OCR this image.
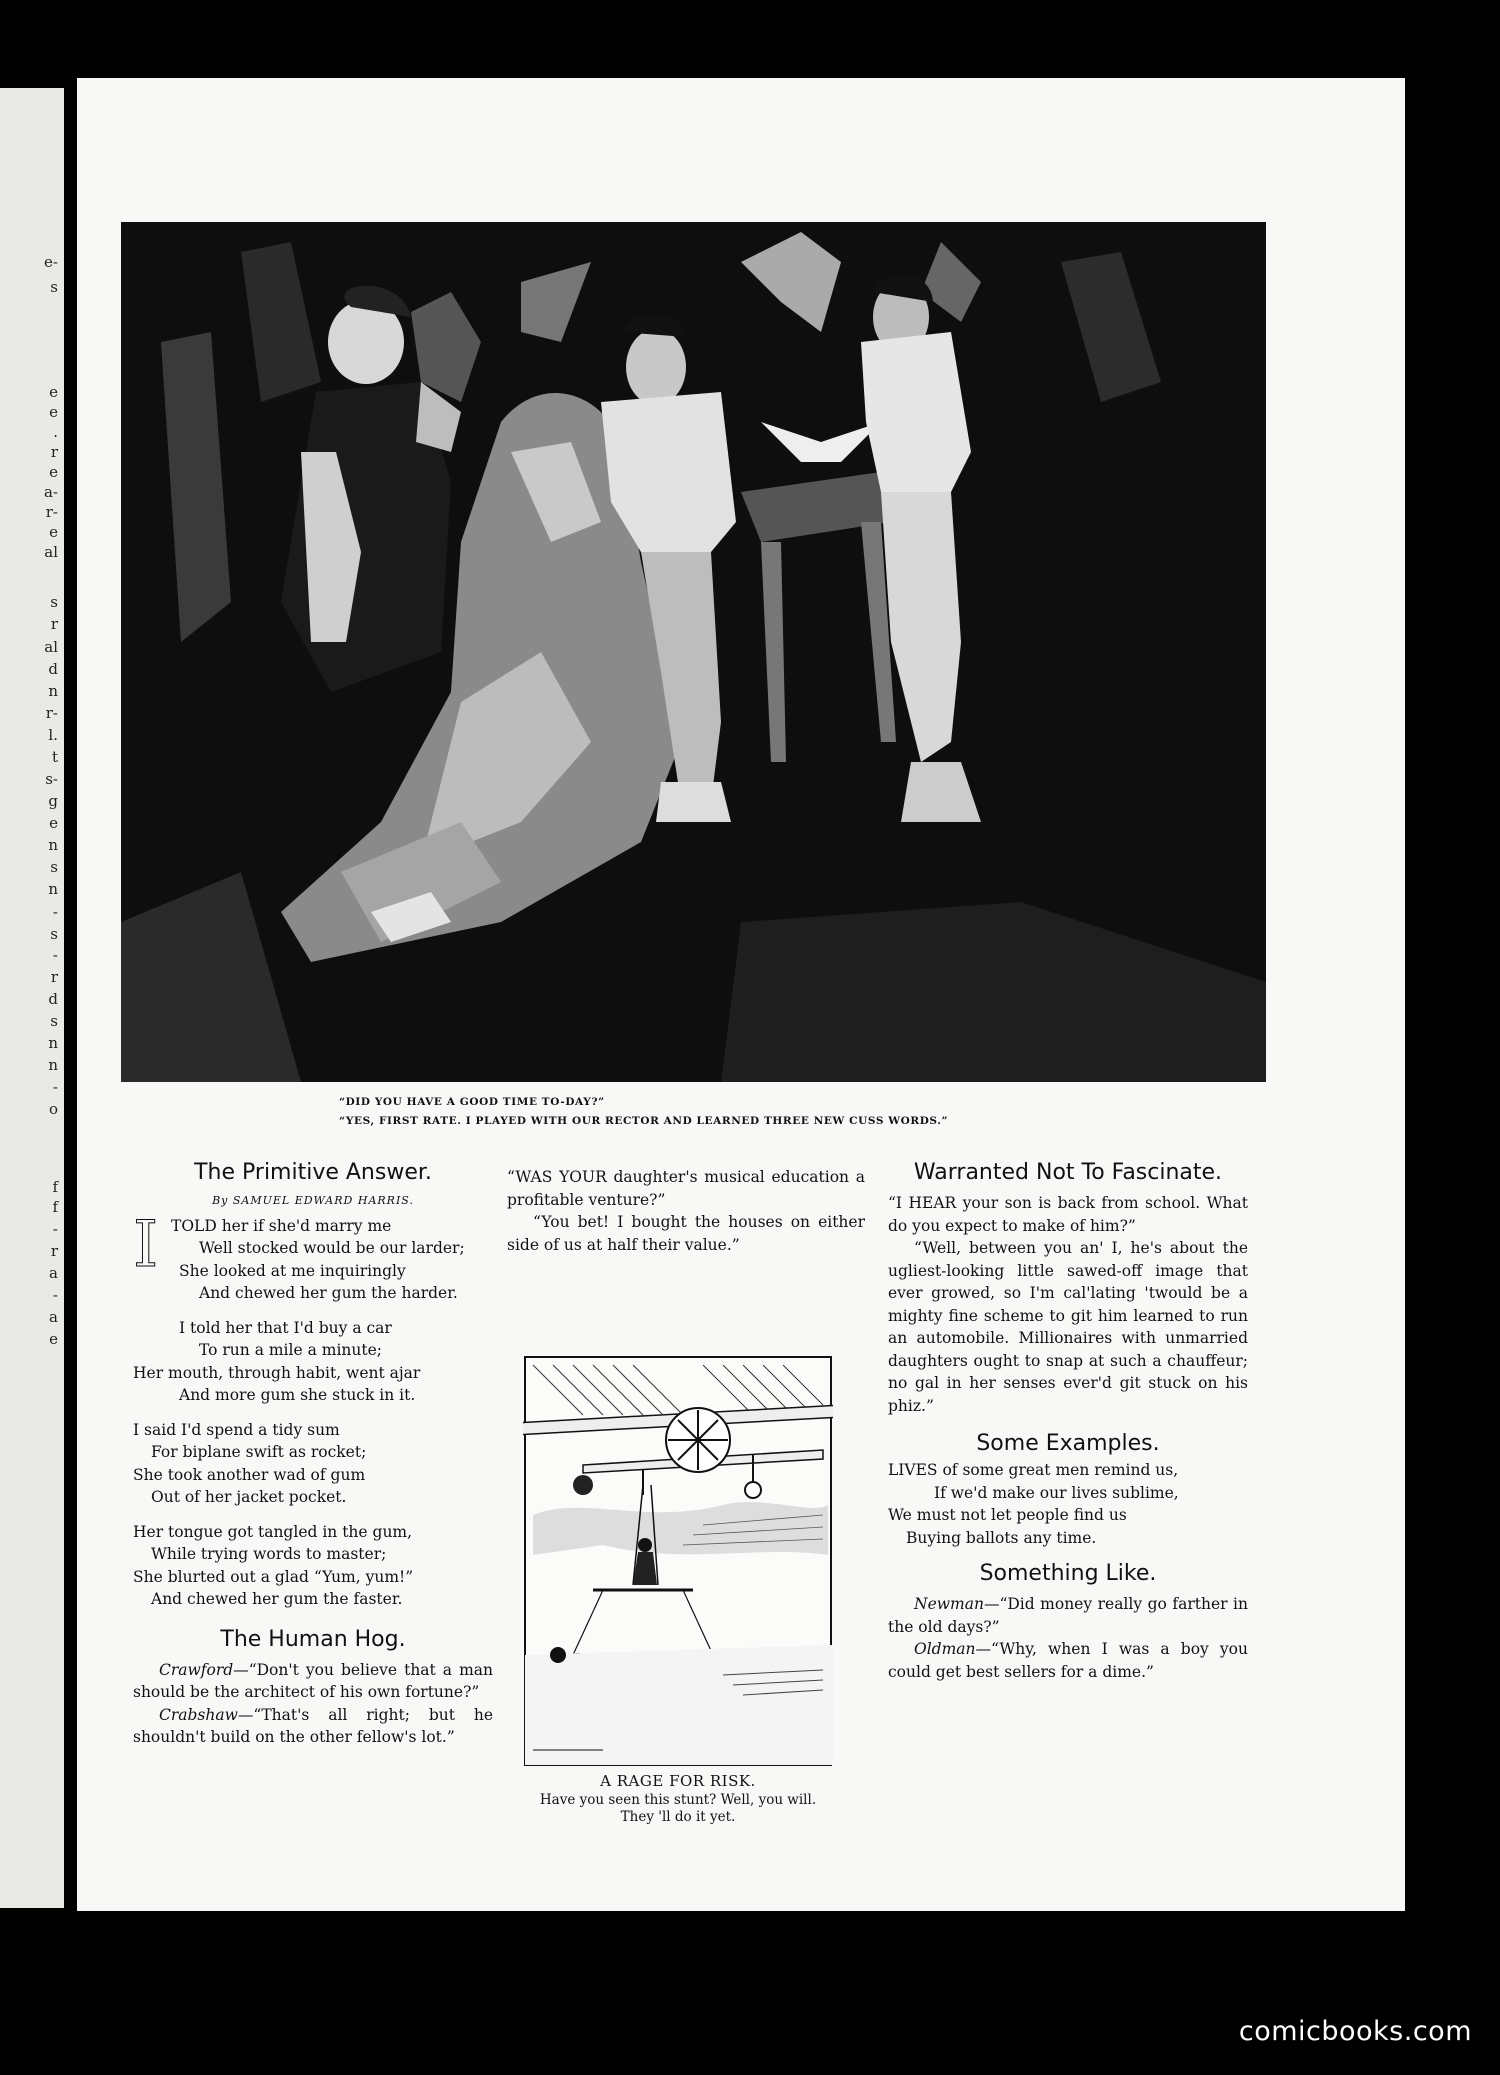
e-
s
e
e
.
r
e
a-
r-
e
al
s
r
al
d
n
r-
l.
t
s-
g
e
n
s
n
-
s
-
r
d
s
n
n
-
o
f
f
-
r
a
-
a
e
“DID YOU HAVE A GOOD TIME TO-DAY?”
“YES, FIRST RATE. I PLAYED WITH OUR RECTOR AND LEARNED THREE NEW CUSS WORDS.”
The Primitive Answer.
By SAMUEL EDWARD HARRIS.
I TOLD her if she'd marry me
Well stocked would be our larder;
She looked at me inquiringly
And chewed her gum the harder.
I told her that I'd buy a car
To run a mile a minute;
Her mouth, through habit, went ajar
And more gum she stuck in it.
I said I'd spend a tidy sum
For biplane swift as rocket;
She took another wad of gum
Out of her jacket pocket.
Her tongue got tangled in the gum,
While trying words to master;
She blurted out a glad “Yum, yum!”
And chewed her gum the faster.
The Human Hog.

Crawford—“Don't you believe that a man should be the architect of his own fortune?”

Crabshaw—“That's all right; but he shouldn't build on the other fellow's lot.”

“WAS YOUR daughter's musical education a profitable venture?”

“You bet! I bought the houses on either side of us at half their value.”

A RAGE FOR RISK.
Have you seen this stunt? Well, you will.
They 'll do it yet.
Warranted Not To Fascinate.

“I HEAR your son is back from school. What do you expect to make of him?”

“Well, between you an' I, he's about the ugliest-looking little sawed-off image that ever growed, so I'm cal'lating 'twould be a mighty fine scheme to git him learned to run an automobile. Millionaires with unmarried daughters ought to snap at such a chauffeur; no gal in her senses ever'd git stuck on his phiz.”

Some Examples.
LIVES of some great men remind us,
If we'd make our lives sublime,
We must not let people find us
Buying ballots any time.
Something Like.

Newman—“Did money really go farther in the old days?”

Oldman—“Why, when I was a boy you could get best sellers for a dime.”

comicbooks.com
